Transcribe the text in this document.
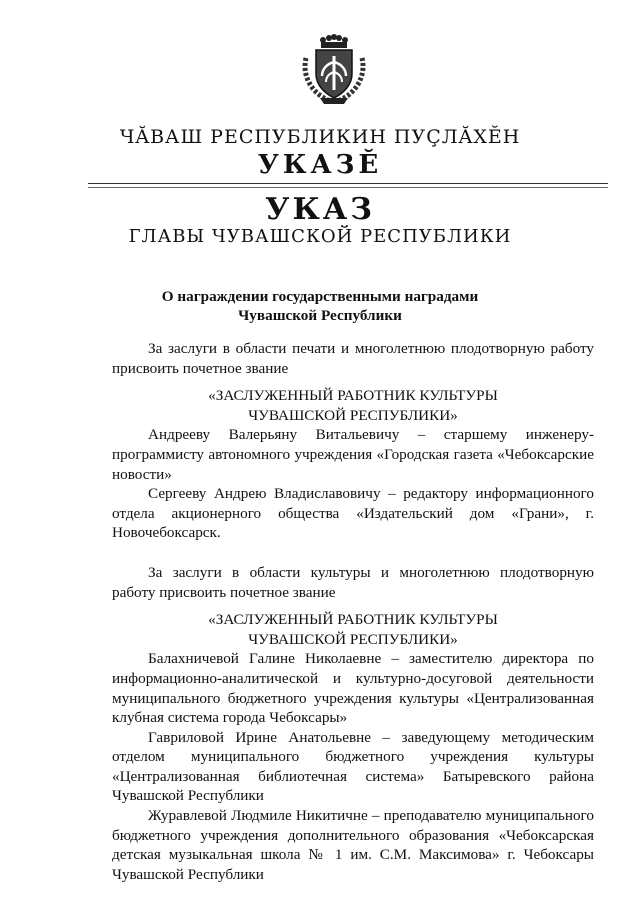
ЧĂВАШ РЕСПУБЛИКИН ПУҪЛĂХĔН
УКАЗĔ
УКАЗ
ГЛАВЫ ЧУВАШСКОЙ РЕСПУБЛИКИ
О награждении государственными наградами
Чувашской Республики

За заслуги в области печати и многолетнюю плодотворную работу присвоить почетное звание

«ЗАСЛУЖЕННЫЙ РАБОТНИК КУЛЬТУРЫ
ЧУВАШСКОЙ РЕСПУБЛИКИ»

Андрееву Валерьяну Витальевичу – старшему инженеру-программисту автономного учреждения «Городская газета «Чебоксарские новости»

Сергееву Андрею Владиславовичу – редактору информационного отдела акционерного общества «Издательский дом «Грани», г. Новочебоксарск.

За заслуги в области культуры и многолетнюю плодотворную работу присвоить почетное звание

«ЗАСЛУЖЕННЫЙ РАБОТНИК КУЛЬТУРЫ
ЧУВАШСКОЙ РЕСПУБЛИКИ»

Балахничевой Галине Николаевне – заместителю директора по информационно-аналитической и культурно-досуговой деятельности муниципального бюджетного учреждения культуры «Централизованная клубная система города Чебоксары»

Гавриловой Ирине Анатольевне – заведующему методическим отделом муниципального бюджетного учреждения культуры «Централизованная библиотечная система» Батыревского района Чувашской Республики

Журавлевой Людмиле Никитичне – преподавателю муниципального бюджетного учреждения дополнительного образования «Чебоксарская детская музыкальная школа № 1 им. С.М. Максимова» г. Чебоксары Чувашской Республики
